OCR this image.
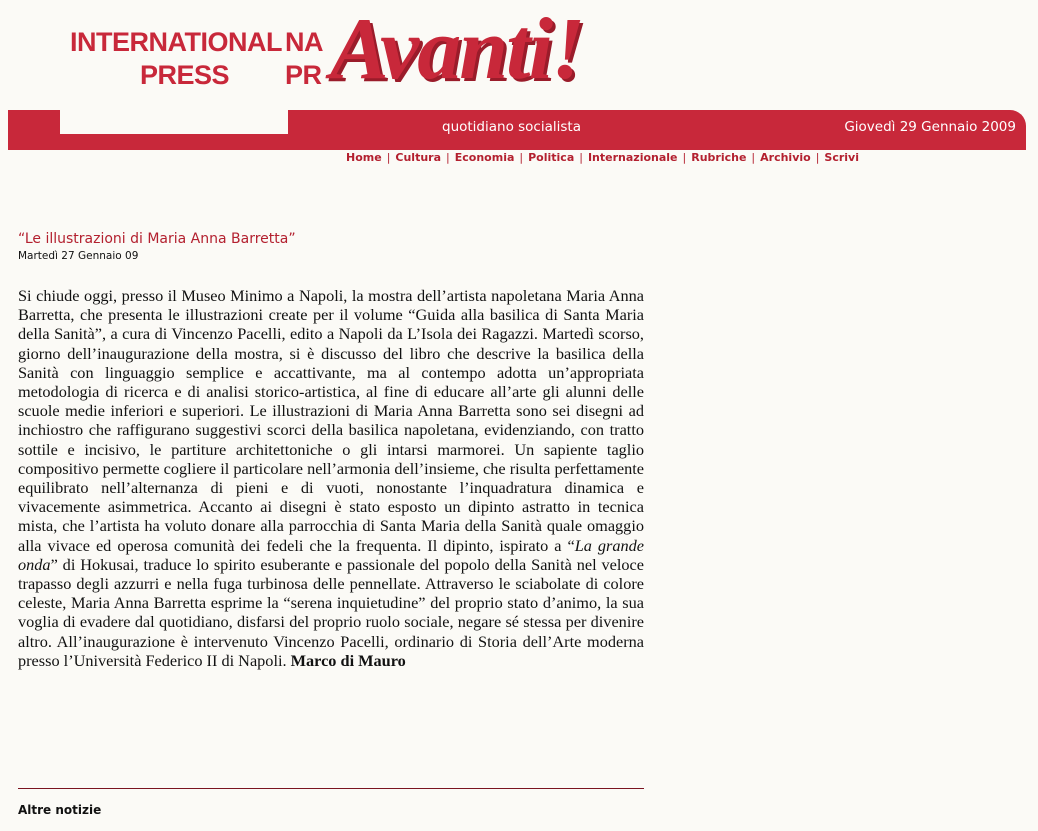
INTERNATIONAL
PRESS
NA
PR Avanti!
quotidiano socialista	Giovedì 29 Gennaio 2009
Home | Cultura | Economia | Politica | Internazionale | Rubriche | Archivio | Scrivi
“Le illustrazioni di Maria Anna Barretta”
Martedì 27 Gennaio 09

Si chiude oggi, presso il Museo Minimo a Napoli, la mostra dell’artista napoletana Maria Anna Barretta, che presenta le illustrazioni create per il volume “Guida alla basilica di Santa Maria della Sanità”, a cura di Vincenzo Pacelli, edito a Napoli da L’Isola dei Ragazzi. Martedì scorso, giorno dell’inaugurazione della mostra, si è discusso del libro che descrive la basilica della Sanità con linguaggio semplice e accattivante, ma al contempo adotta un’appropriata metodologia di ricerca e di analisi storico-artistica, al fine di educare all’arte gli alunni delle scuole medie inferiori e superiori. Le illustrazioni di Maria Anna Barretta sono sei disegni ad inchiostro che raffigurano suggestivi scorci della basilica napoletana, evidenziando, con tratto sottile e incisivo, le partiture architettoniche o gli intarsi marmorei. Un sapiente taglio compositivo permette cogliere il particolare nell’armonia dell’insieme, che risulta perfettamente equilibrato nell’alternanza di pieni e di vuoti, nonostante l’inquadratura dinamica e vivacemente asimmetrica. Accanto ai disegni è stato esposto un dipinto astratto in tecnica mista, che l’artista ha voluto donare alla parrocchia di Santa Maria della Sanità quale omaggio alla vivace ed operosa comunità dei fedeli che la frequenta. Il dipinto, ispirato a “La grande onda” di Hokusai, traduce lo spirito esuberante e passionale del popolo della Sanità nel veloce trapasso degli azzurri e nella fuga turbinosa delle pennellate. Attraverso le sciabolate di colore celeste, Maria Anna Barretta esprime la “serena inquietudine” del proprio stato d’animo, la sua voglia di evadere dal quotidiano, disfarsi del proprio ruolo sociale, negare sé stessa per divenire altro. All’inaugurazione è intervenuto Vincenzo Pacelli, ordinario di Storia dell’Arte moderna presso l’Università Federico II di Napoli. Marco di Mauro

Altre notizie
